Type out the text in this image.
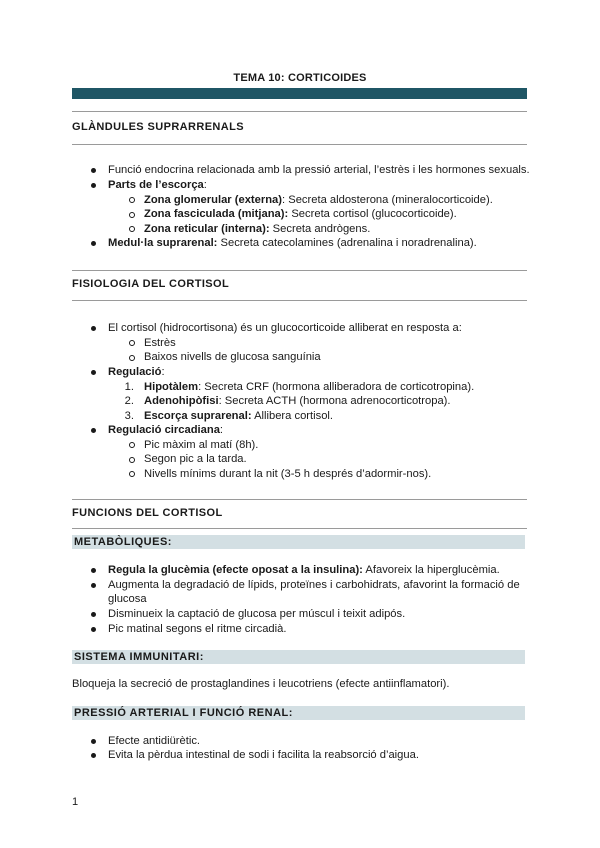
TEMA 10: CORTICOIDES
GLÀNDULES SUPRARRENALS
Funció endocrina relacionada amb la pressió arterial, l’estrès i les hormones sexuals.
Parts de l’escorça:
Zona glomerular (externa): Secreta aldosterona (mineralocorticoide).
Zona fasciculada (mitjana): Secreta cortisol (glucocorticoide).
Zona reticular (interna): Secreta andrògens.
Medul·la suprarenal: Secreta catecolamines (adrenalina i noradrenalina).
FISIOLOGIA DEL CORTISOL
El cortisol (hidrocortisona) és un glucocorticoide alliberat en resposta a:
Estrès
Baixos nivells de glucosa sanguínia
Regulació:
1. Hipotàlem: Secreta CRF (hormona alliberadora de corticotropina).
2. Adenohipòfisi: Secreta ACTH (hormona adrenocorticotropa).
3. Escorça suprarenal: Allibera cortisol.
Regulació circadiana:
Pic màxim al matí (8h).
Segon pic a la tarda.
Nivells mínims durant la nit (3-5 h després d’adormir-nos).
FUNCIONS DEL CORTISOL
METABÒLIQUES:
Regula la glucèmia (efecte oposat a la insulina): Afavoreix la hiperglucèmia.
Augmenta la degradació de lípids, proteïnes i carbohidrats, afavorint la formació de
glucosa
Disminueix la captació de glucosa per múscul i teixit adipós.
Pic matinal segons el ritme circadià.
SISTEMA IMMUNITARI:
Bloqueja la secreció de prostaglandines i leucotriens (efecte antiinflamatori).
PRESSIÓ ARTERIAL I FUNCIÓ RENAL:
Efecte antidiürètic.
Evita la pèrdua intestinal de sodi i facilita la reabsorció d’aigua.
1
